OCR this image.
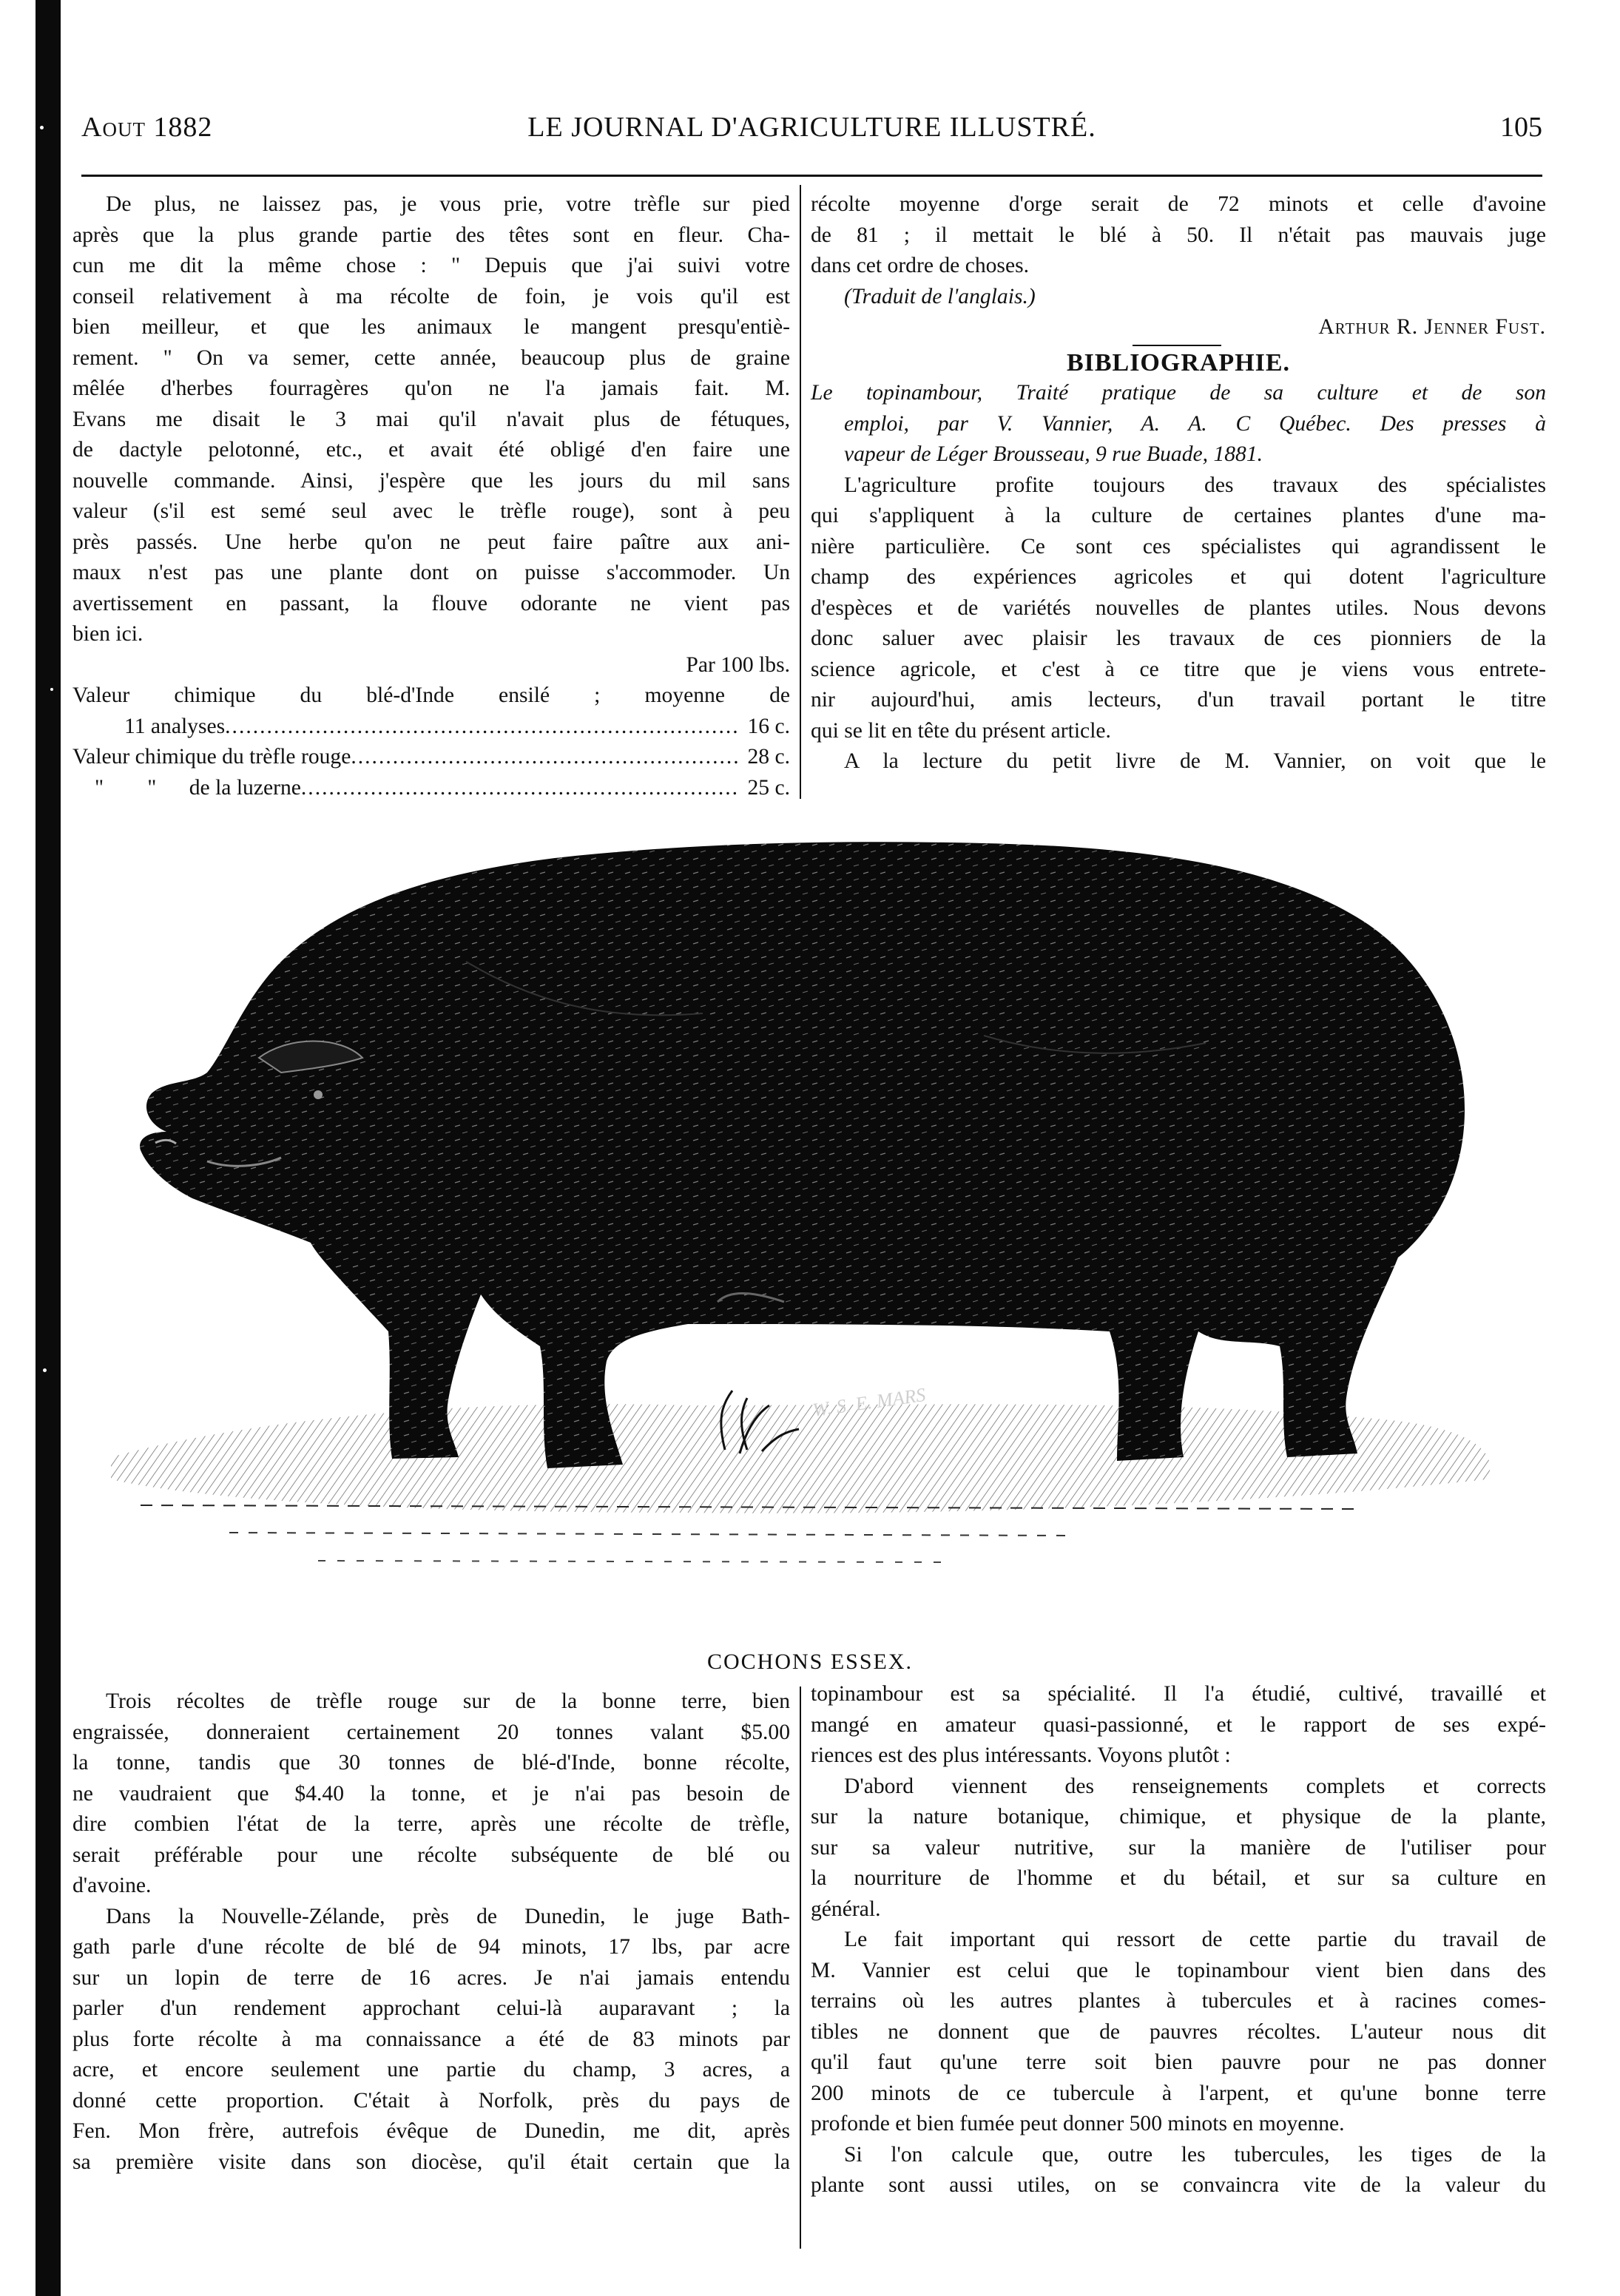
Aout 1882	LE JOURNAL D'AGRICULTURE ILLUSTRÉ.	105
De plus, ne laissez pas, je vous prie, votre trèfle sur pied
après que la plus grande partie des têtes sont en fleur. Cha-
cun me dit la même chose : " Depuis que j'ai suivi votre
conseil relativement à ma récolte de foin, je vois qu'il est
bien meilleur, et que les animaux le mangent presqu'entiè-
rement. " On va semer, cette année, beaucoup plus de graine
mêlée d'herbes fourragères qu'on ne l'a jamais fait. M.
Evans me disait le 3 mai qu'il n'avait plus de fétuques,
de dactyle pelotonné, etc., et avait été obligé d'en faire une
nouvelle commande. Ainsi, j'espère que les jours du mil sans
valeur (s'il est semé seul avec le trèfle rouge), sont à peu
près passés. Une herbe qu'on ne peut faire paître aux ani-
maux n'est pas une plante dont on puisse s'accommoder. Un
avertissement en passant, la flouve odorante ne vient pas
bien ici.
Par 100 lbs.
Valeur chimique du blé-d'Inde ensilé ; moyenne de
11 analyses .....	16 c.
Valeur chimique du trèfle rouge .....	28 c.
"        "      de la luzerne .....	25 c.
récolte moyenne d'orge serait de 72 minots et celle d'avoine
de 81 ; il mettait le blé à 50. Il n'était pas mauvais juge
dans cet ordre de choses.
(Traduit de l'anglais.)
Arthur R. Jenner Fust.
BIBLIOGRAPHIE.
Le topinambour, Traité pratique de sa culture et de son
emploi, par V. Vannier, A. A. C Québec. Des presses à
vapeur de Léger Brousseau, 9 rue Buade, 1881.
L'agriculture profite toujours des travaux des spécialistes
qui s'appliquent à la culture de certaines plantes d'une ma-
nière particulière. Ce sont ces spécialistes qui agrandissent le
champ des expériences agricoles et qui dotent l'agriculture
d'espèces et de variétés nouvelles de plantes utiles. Nous devons
donc saluer avec plaisir les travaux de ces pionniers de la
science agricole, et c'est à ce titre que je viens vous entrete-
nir aujourd'hui, amis lecteurs, d'un travail portant le titre
qui se lit en tête du présent article.
A la lecture du petit livre de M. Vannier, on voit que le
W. S. E. MARS
COCHONS ESSEX.
Trois récoltes de trèfle rouge sur de la bonne terre, bien
engraissée, donneraient certainement 20 tonnes valant $5.00
la tonne, tandis que 30 tonnes de blé-d'Inde, bonne récolte,
ne vaudraient que $4.40 la tonne, et je n'ai pas besoin de
dire combien l'état de la terre, après une récolte de trèfle,
serait préférable pour une récolte subséquente de blé ou
d'avoine.
Dans la Nouvelle-Zélande, près de Dunedin, le juge Bath-
gath parle d'une récolte de blé de 94 minots, 17 lbs, par acre
sur un lopin de terre de 16 acres. Je n'ai jamais entendu
parler d'un rendement approchant celui-là auparavant ; la
plus forte récolte à ma connaissance a été de 83 minots par
acre, et encore seulement une partie du champ, 3 acres, a
donné cette proportion. C'était à Norfolk, près du pays de
Fen. Mon frère, autrefois évêque de Dunedin, me dit, après
sa première visite dans son diocèse, qu'il était certain que la
topinambour est sa spécialité. Il l'a étudié, cultivé, travaillé et
mangé en amateur quasi-passionné, et le rapport de ses expé-
riences est des plus intéressants. Voyons plutôt :
D'abord viennent des renseignements complets et corrects
sur la nature botanique, chimique, et physique de la plante,
sur sa valeur nutritive, sur la manière de l'utiliser pour
la nourriture de l'homme et du bétail, et sur sa culture en
général.
Le fait important qui ressort de cette partie du travail de
M. Vannier est celui que le topinambour vient bien dans des
terrains où les autres plantes à tubercules et à racines comes-
tibles ne donnent que de pauvres récoltes. L'auteur nous dit
qu'il faut qu'une terre soit bien pauvre pour ne pas donner
200 minots de ce tubercule à l'arpent, et qu'une bonne terre
profonde et bien fumée peut donner 500 minots en moyenne.
Si l'on calcule que, outre les tubercules, les tiges de la
plante sont aussi utiles, on se convaincra vite de la valeur du
